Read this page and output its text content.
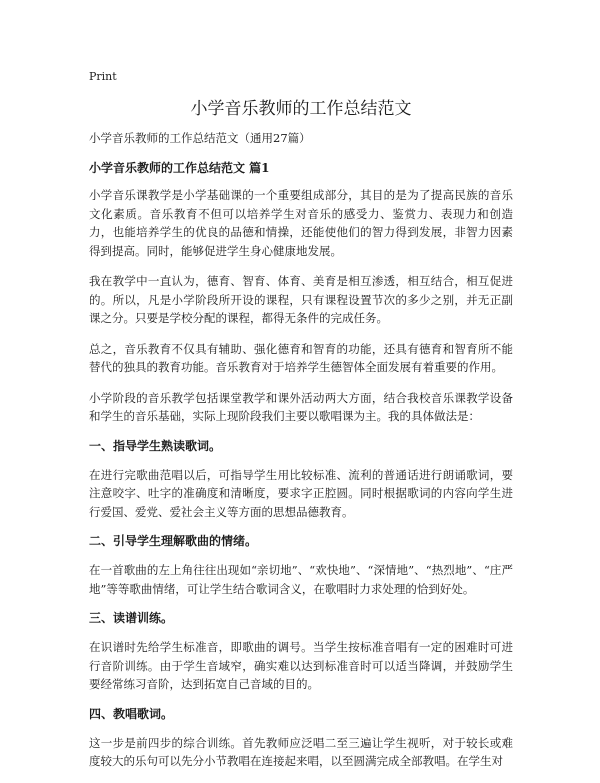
Print
小学音乐教师的工作总结范文

小学音乐教师的工作总结范文（通用27篇）

小学音乐教师的工作总结范文 篇1

小学音乐课教学是小学基础课的一个重要组成部分，其目的是为了提高民族的音乐文化素质。音乐教育不但可以培养学生对音乐的感受力、鉴赏力、表现力和创造力，也能培养学生的优良的品德和情操，还能使他们的智力得到发展，非智力因素得到提高。同时，能够促进学生身心健康地发展。

我在教学中一直认为，德育、智育、体育、美育是相互渗透，相互结合，相互促进的。所以，凡是小学阶段所开设的课程，只有课程设置节次的多少之别，并无正副课之分。只要是学校分配的课程，都得无条件的完成任务。

总之，音乐教育不仅具有辅助、强化德育和智育的功能，还具有德育和智育所不能替代的独具的教育功能。音乐教育对于培养学生德智体全面发展有着重要的作用。

小学阶段的音乐教学包括课堂教学和课外活动两大方面，结合我校音乐课教学设备和学生的音乐基础，实际上现阶段我们主要以歌唱课为主。我的具体做法是：

一、指导学生熟读歌词。

在进行完歌曲范唱以后，可指导学生用比较标准、流利的普通话进行朗诵歌词，要注意咬字、吐字的准确度和清晰度，要求字正腔圆。同时根据歌词的内容向学生进行爱国、爱党、爱社会主义等方面的思想品德教育。

二、引导学生理解歌曲的情绪。

在一首歌曲的左上角往往出现如“亲切地”、“欢快地”、“深情地”、“热烈地”、“庄严地”等等歌曲情绪，可让学生结合歌词含义，在歌唱时力求处理的恰到好处。

三、读谱训练。

在识谱时先给学生标准音，即歌曲的调号。当学生按标准音唱有一定的困难时可进行音阶训练。由于学生音域窄，确实难以达到标准音时可以适当降调，并鼓励学生要经常练习音阶，达到拓宽自己音域的目的。

四、教唱歌词。

这一步是前四步的综合训练。首先教师应泛唱二至三遍让学生视听，对于较长或难度较大的乐句可以先分小节教唱在连接起来唱，以至圆满完成全部教唱。在学生对
